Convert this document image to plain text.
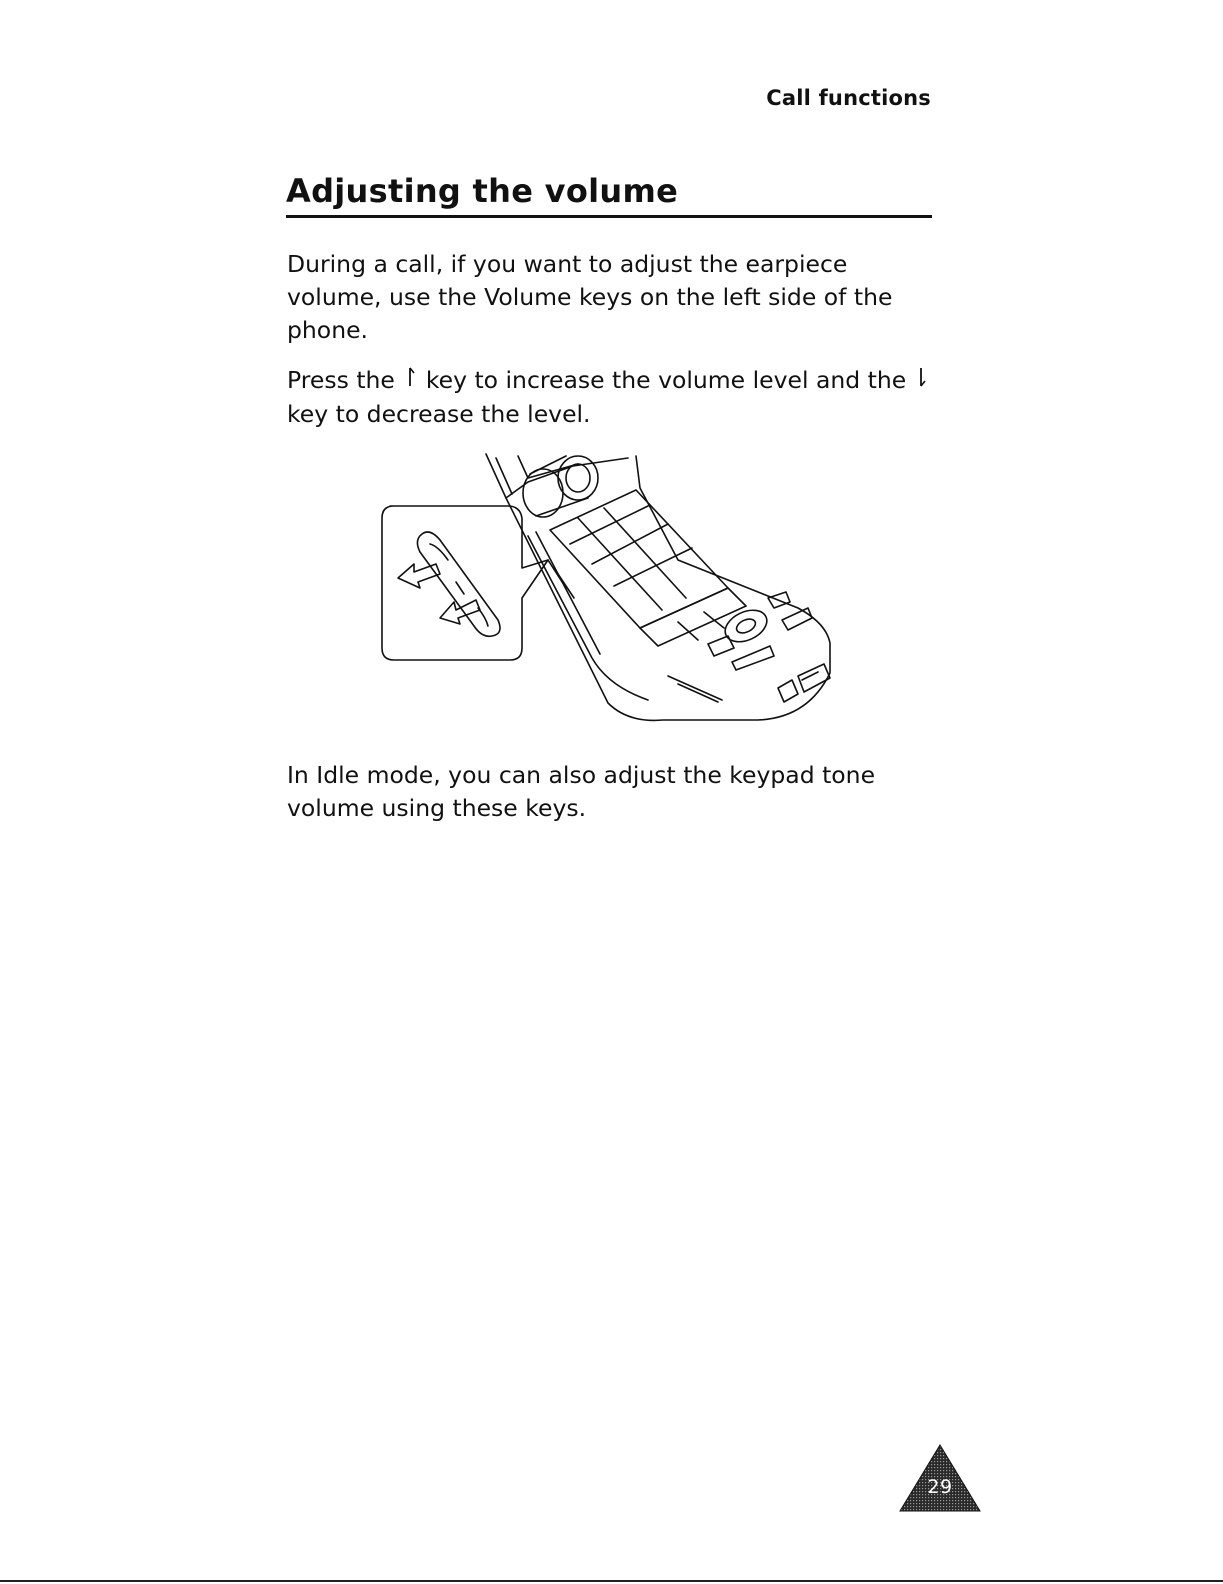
Call functions
Adjusting the volume

During a call, if you want to adjust the earpiece volume, use the Volume keys on the left side of the phone.

Press the key to increase the volume level and the  key to decrease the level.

In Idle mode, you can also adjust the keypad tone volume using these keys.

29
